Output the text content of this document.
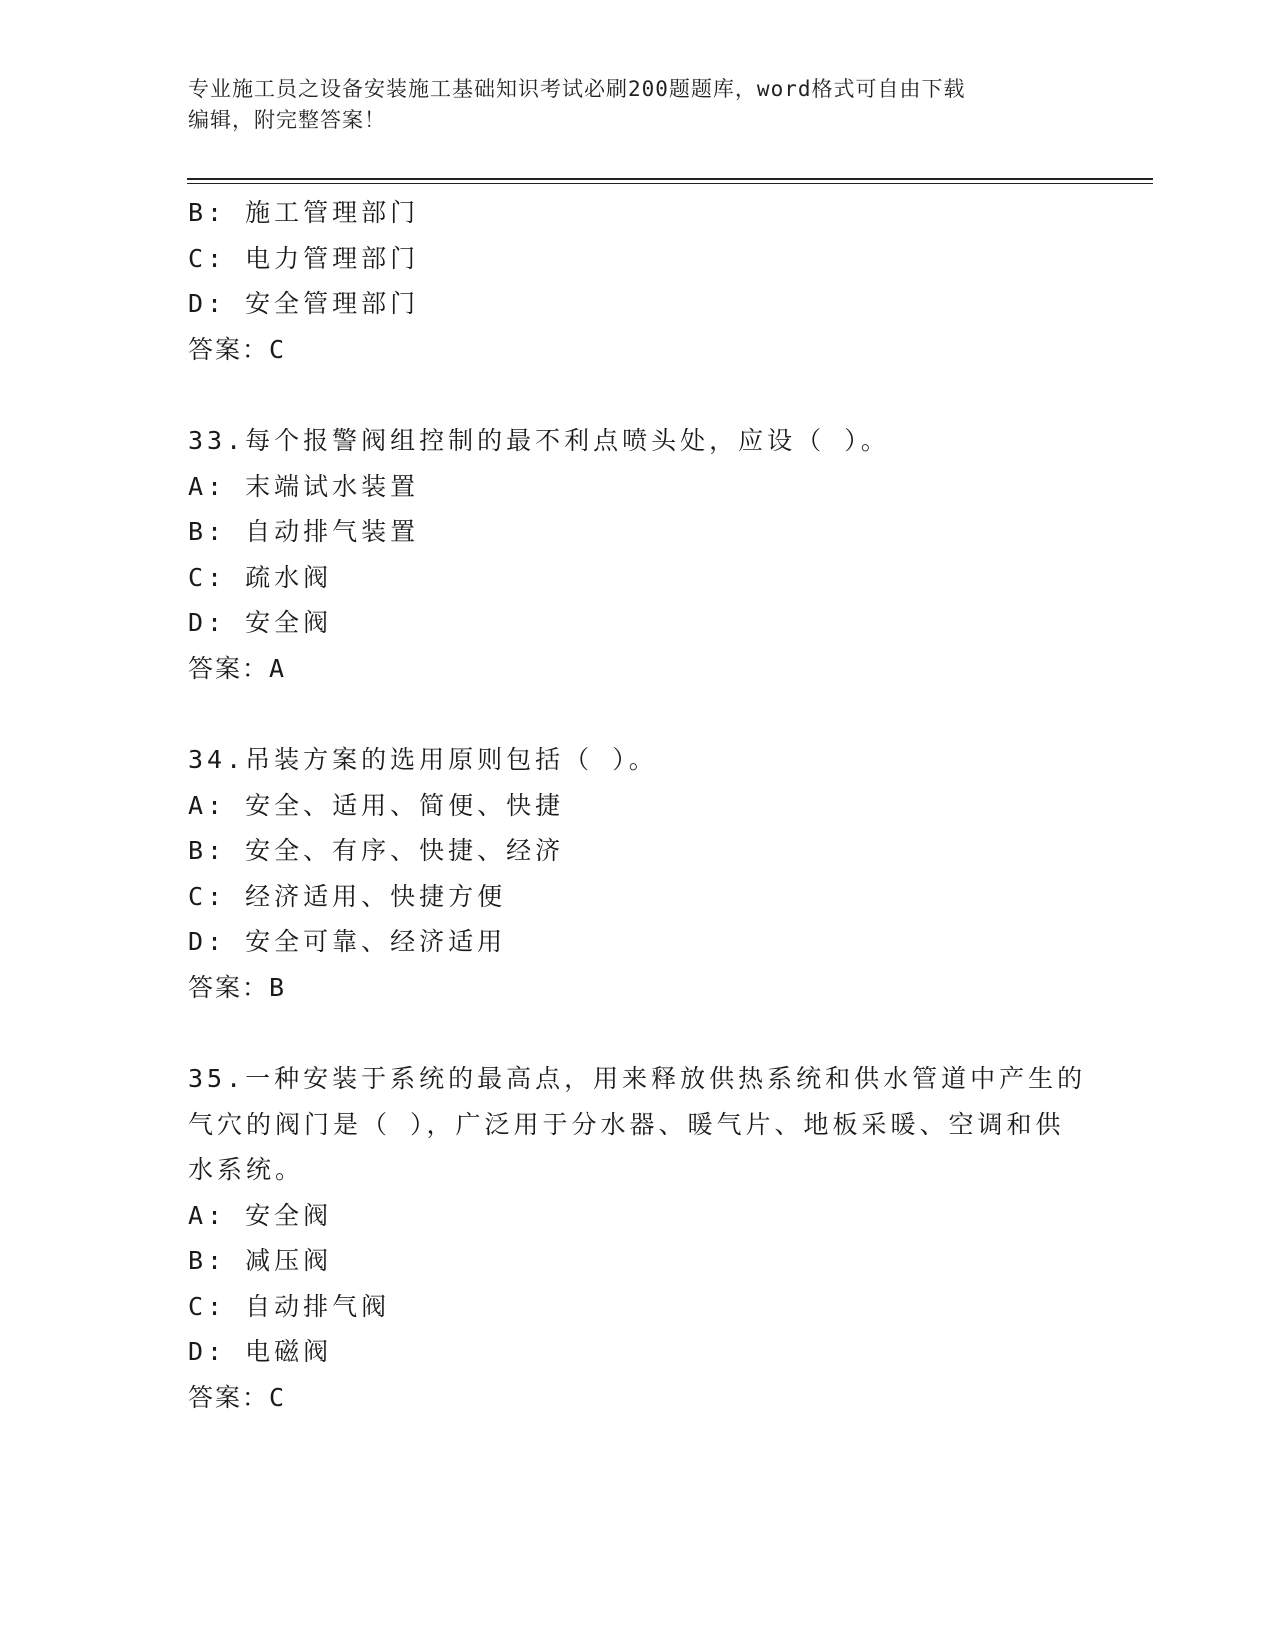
专业施工员之设备安装施工基础知识考试必刷200题题库，word格式可自由下载
编辑，附完整答案！
B: 施工管理部门
C: 电力管理部门
D: 安全管理部门
答案：C
33.每个报警阀组控制的最不利点喷头处，应设（ ）。
A: 末端试水装置
B: 自动排气装置
C: 疏水阀
D: 安全阀
答案：A
34.吊装方案的选用原则包括（ ）。
A: 安全、适用、简便、快捷
B: 安全、有序、快捷、经济
C: 经济适用、快捷方便
D: 安全可靠、经济适用
答案：B
35.一种安装于系统的最高点，用来释放供热系统和供水管道中产生的
气穴的阀门是（ ），广泛用于分水器、暖气片、地板采暖、空调和供
水系统。
A: 安全阀
B: 减压阀
C: 自动排气阀
D: 电磁阀
答案：C
